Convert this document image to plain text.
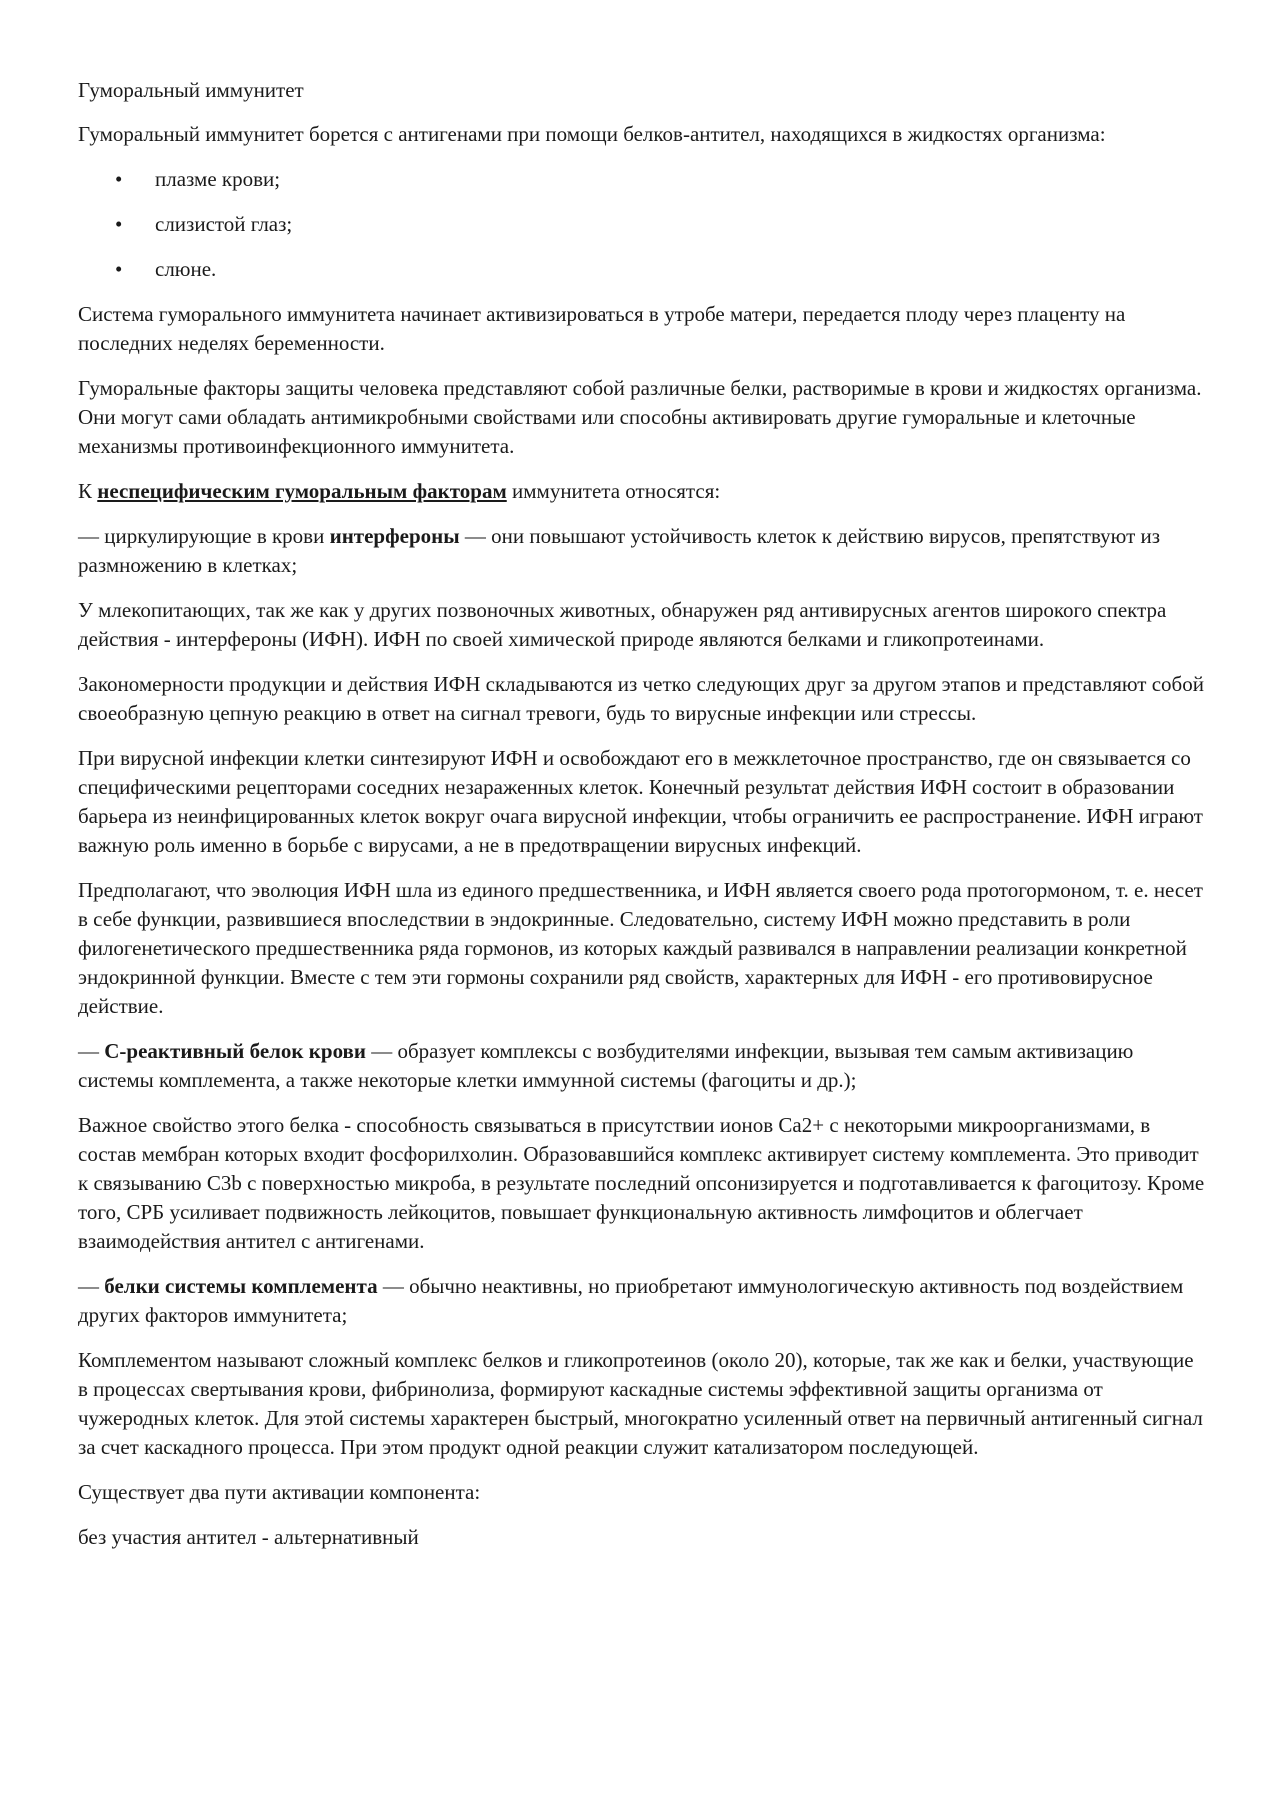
Гуморальный иммунитет

Гуморальный иммунитет борется с антигенами при помощи белков-антител, находящихся в жидкостях организма:

• плазме крови;
• слизистой глаз;
• слюне.

Система гуморального иммунитета начинает активизироваться в утробе матери, передается плоду через плаценту на последних неделях беременности.

Гуморальные факторы защиты человека представляют собой различные белки, растворимые в крови и жидкостях организма. Они могут сами обладать антимикробными свойствами или способны активировать другие гуморальные и клеточные механизмы противоинфекционного иммунитета.

К неспецифическим гуморальным факторам иммунитета относятся:

— циркулирующие в крови интерфероны — они повышают устойчивость клеток к действию вирусов, препятствуют из размножению в клетках;

У млекопитающих, так же как у других позвоночных животных, обнаружен ряд антивирусных агентов широкого спектра действия - интерфероны (ИФН). ИФН по своей химической природе являются белками и гликопротеинами.

Закономерности продукции и действия ИФН складываются из четко следующих друг за другом этапов и представляют собой своеобразную цепную реакцию в ответ на сигнал тревоги, будь то вирусные инфекции или стрессы.

При вирусной инфекции клетки синтезируют ИФН и освобождают его в межклеточное пространство, где он связывается со специфическими рецепторами соседних незараженных клеток. Конечный результат действия ИФН состоит в образовании барьера из неинфицированных клеток вокруг очага вирусной инфекции, чтобы ограничить ее распространение. ИФН играют важную роль именно в борьбе с вирусами, а не в предотвращении вирусных инфекций.

Предполагают, что эволюция ИФН шла из единого предшественника, и ИФН является своего рода протогормоном, т. е. несет в себе функции, развившиеся впоследствии в эндокринные. Следовательно, систему ИФН можно представить в роли филогенетического предшественника ряда гормонов, из которых каждый развивался в направлении реализации конкретной эндокринной функции. Вместе с тем эти гормоны сохранили ряд свойств, характерных для ИФН - его противовирусное действие.

— С-реактивный белок крови — образует комплексы с возбудителями инфекции, вызывая тем самым активизацию системы комплемента, а также некоторые клетки иммунной системы (фагоциты и др.);

Важное свойство этого белка - способность связываться в присутствии ионов Са2+ с некоторыми микроорганизмами, в состав мембран которых входит фосфорилхолин. Образовавшийся комплекс активирует систему комплемента. Это приводит к связыванию С3b с поверхностью микроба, в результате последний опсонизируется и подготавливается к фагоцитозу. Кроме того, СРБ усиливает подвижность лейкоцитов, повышает функциональную активность лимфоцитов и облегчает взаимодействия антител с антигенами.

— белки системы комплемента — обычно неактивны, но приобретают иммунологическую активность под воздействием других факторов иммунитета;

Комплементом называют сложный комплекс белков и гликопротеинов (около 20), которые, так же как и белки, участвующие в процессах свертывания крови, фибринолиза, формируют каскадные системы эффективной защиты организма от чужеродных клеток. Для этой системы характерен быстрый, многократно усиленный ответ на первичный антигенный сигнал за счет каскадного процесса. При этом продукт одной реакции служит катализатором последующей.

Существует два пути активации компонента:

без участия антител - альтернативный
